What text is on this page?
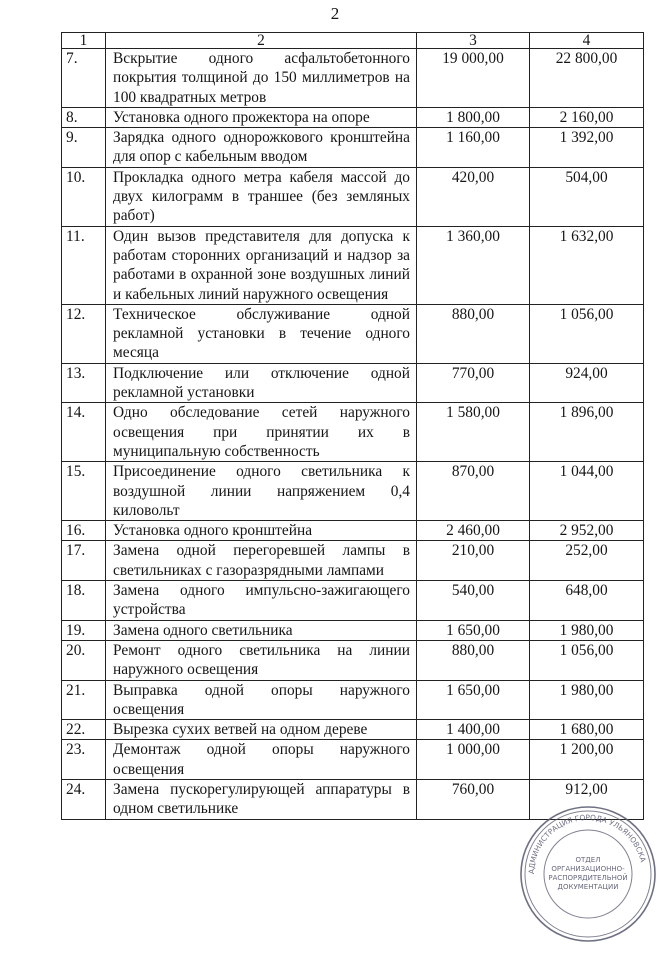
2
1	2	3	4
7.	Вскрытие одного асфальтобетонного покрытия толщиной до 150 миллиметров на 100 квадратных метров	19 000,00	22 800,00
8.	Установка одного прожектора на опоре	1 800,00	2 160,00
9.	Зарядка одного однорожкового кронштейна для опор с кабельным вводом	1 160,00	1 392,00
10.	Прокладка одного метра кабеля массой до двух килограмм в траншее (без земляных работ)	420,00	504,00
11.	Один вызов представителя для допуска к работам сторонних организаций и надзор за работами в охранной зоне воздушных линий и кабельных линий наружного освещения	1 360,00	1 632,00
12.	Техническое обслуживание одной рекламной установки в течение одного месяца	880,00	1 056,00
13.	Подключение или отключение одной рекламной установки	770,00	924,00
14.	Одно обследование сетей наружного освещения при принятии их в муниципальную собственность	1 580,00	1 896,00
15.	Присоединение одного светильника к воздушной линии напряжением 0,4 киловольт	870,00	1 044,00
16.	Установка одного кронштейна	2 460,00	2 952,00
17.	Замена одной перегоревшей лампы в светильниках с газоразрядными лампами	210,00	252,00
18.	Замена одного импульсно-зажигающего устройства	540,00	648,00
19.	Замена одного светильника	1 650,00	1 980,00
20.	Ремонт одного светильника на линии наружного освещения	880,00	1 056,00
21.	Выправка одной опоры наружного освещения	1 650,00	1 980,00
22.	Вырезка сухих ветвей на одном дереве	1 400,00	1 680,00
23.	Демонтаж одной опоры наружного освещения	1 000,00	1 200,00
24.	Замена пускорегулирующей аппаратуры в одном светильнике	760,00	912,00
АДМИНИСТРАЦИЯ ГОРОДА УЛЬЯНОВСКА
ОТДЕЛ
ОРГАНИЗАЦИОННО-
РАСПОРЯДИТЕЛЬНОЙ
ДОКУМЕНТАЦИИ
